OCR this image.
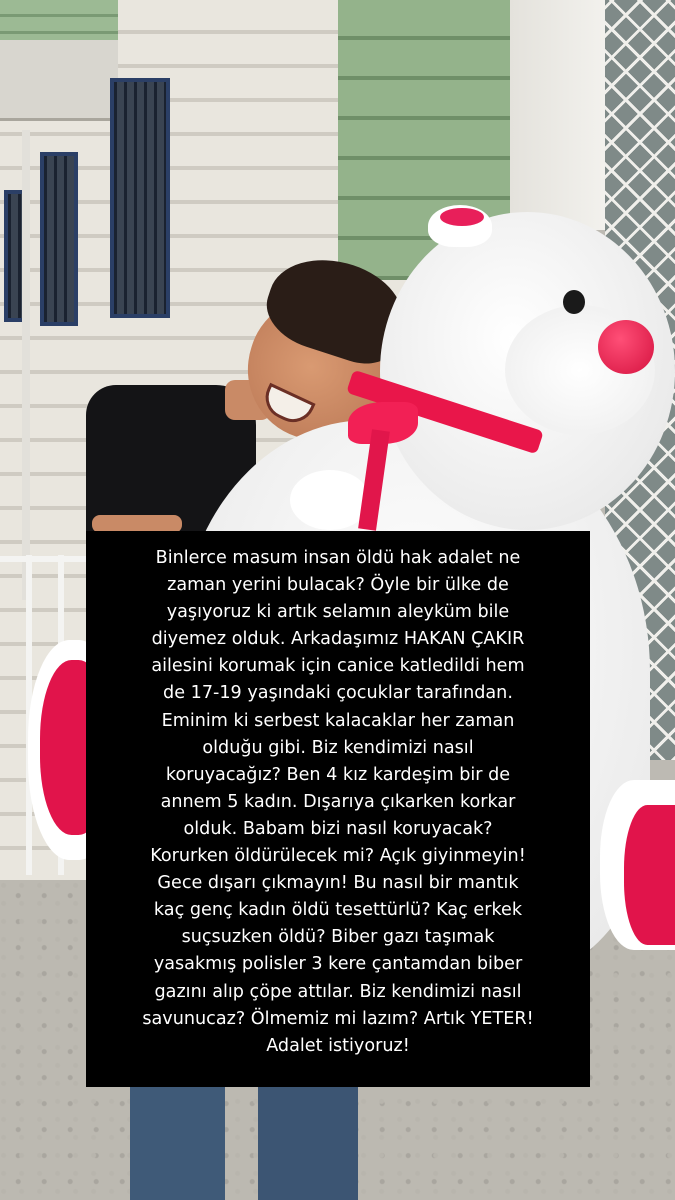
Binlerce masum insan öldü hak adalet ne
zaman yerini bulacak? Öyle bir ülke de
yaşıyoruz ki artık selamın aleyküm bile
diyemez olduk. Arkadaşımız HAKAN ÇAKIR
ailesini korumak için canice katledildi hem
de 17-19 yaşındaki çocuklar tarafından.
Eminim ki serbest kalacaklar her zaman
olduğu gibi. Biz kendimizi nasıl
koruyacağız? Ben 4 kız kardeşim bir de
annem 5 kadın. Dışarıya çıkarken korkar
olduk. Babam bizi nasıl koruyacak?
Korurken öldürülecek mi? Açık giyinmeyin!
Gece dışarı çıkmayın! Bu nasıl bir mantık
kaç genç kadın öldü tesettürlü? Kaç erkek
suçsuzken öldü? Biber gazı taşımak
yasakmış polisler 3 kere çantamdan biber
gazını alıp çöpe attılar. Biz kendimizi nasıl
savunucaz? Ölmemiz mi lazım? Artık YETER!
Adalet istiyoruz!
